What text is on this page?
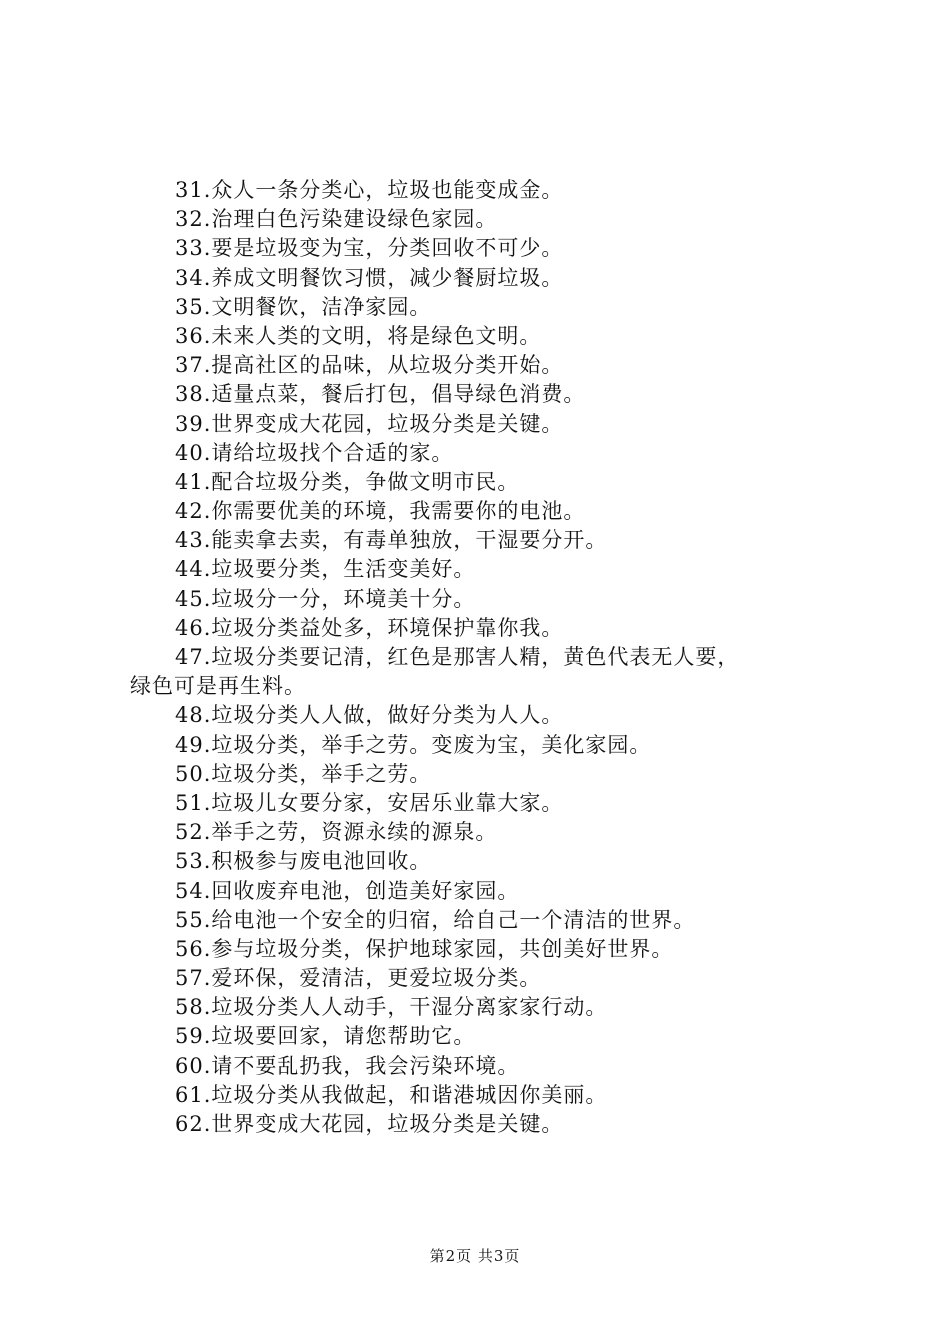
31.众人一条分类心，垃圾也能变成金。
32.治理白色污染建设绿色家园。
33.要是垃圾变为宝，分类回收不可少。
34.养成文明餐饮习惯，减少餐厨垃圾。
35.文明餐饮，洁净家园。
36.未来人类的文明，将是绿色文明。
37.提高社区的品味，从垃圾分类开始。
38.适量点菜，餐后打包，倡导绿色消费。
39.世界变成大花园，垃圾分类是关键。
40.请给垃圾找个合适的家。
41.配合垃圾分类，争做文明市民。
42.你需要优美的环境，我需要你的电池。
43.能卖拿去卖，有毒单独放，干湿要分开。
44.垃圾要分类，生活变美好。
45.垃圾分一分，环境美十分。
46.垃圾分类益处多，环境保护靠你我。
47.垃圾分类要记清，红色是那害人精，黄色代表无人要，
绿色可是再生料。
48.垃圾分类人人做，做好分类为人人。
49.垃圾分类，举手之劳。变废为宝，美化家园。
50.垃圾分类，举手之劳。
51.垃圾儿女要分家，安居乐业靠大家。
52.举手之劳，资源永续的源泉。
53.积极参与废电池回收。
54.回收废弃电池，创造美好家园。
55.给电池一个安全的归宿，给自己一个清洁的世界。
56.参与垃圾分类，保护地球家园，共创美好世界。
57.爱环保，爱清洁，更爱垃圾分类。
58.垃圾分类人人动手，干湿分离家家行动。
59.垃圾要回家，请您帮助它。
60.请不要乱扔我，我会污染环境。
61.垃圾分类从我做起，和谐港城因你美丽。
62.世界变成大花园，垃圾分类是关键。
第2页 共3页
